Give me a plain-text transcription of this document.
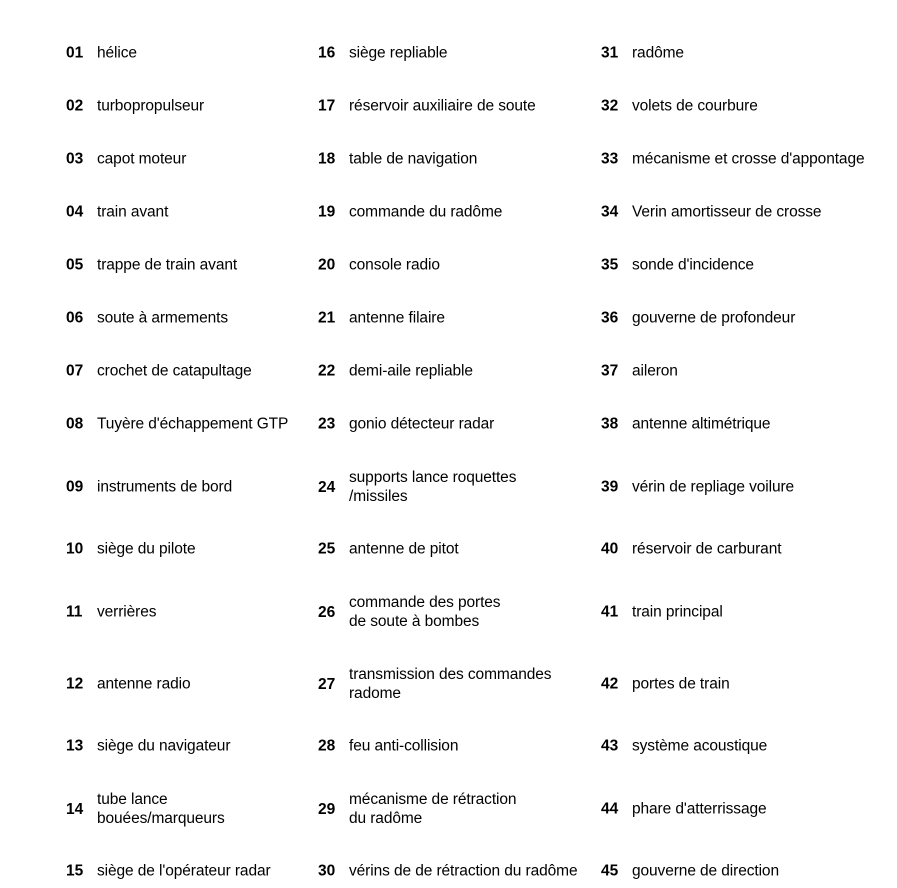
01 hélice
02 turbopropulseur
03 capot moteur
04 train avant
05 trappe de train avant
06 soute à armements
07 crochet de catapultage
08 Tuyère d'échappement GTP
09 instruments de bord
10 siège du pilote
11 verrières
12 antenne radio
13 siège du navigateur
14
tube lance
bouées/marqueurs
15 siège de l'opérateur radar
16 siège repliable
17 réservoir auxiliaire de soute
18 table de navigation
19 commande du radôme
20 console radio
21 antenne filaire
22 demi-aile repliable
23 gonio détecteur radar
24
supports lance roquettes
/missiles
25 antenne de pitot
26
commande des portes
de soute à bombes
27
transmission des commandes
radome
28 feu anti-collision
29
mécanisme de rétraction
du radôme
30 vérins de de rétraction du radôme
31 radôme
32 volets de courbure
33 mécanisme et crosse d'appontage
34 Verin amortisseur de crosse
35 sonde d'incidence
36 gouverne de profondeur
37 aileron
38 antenne altimétrique
39 vérin de repliage voilure
40 réservoir de carburant
41 train principal
42 portes de train
43 système acoustique
44 phare d'atterrissage
45 gouverne de direction
